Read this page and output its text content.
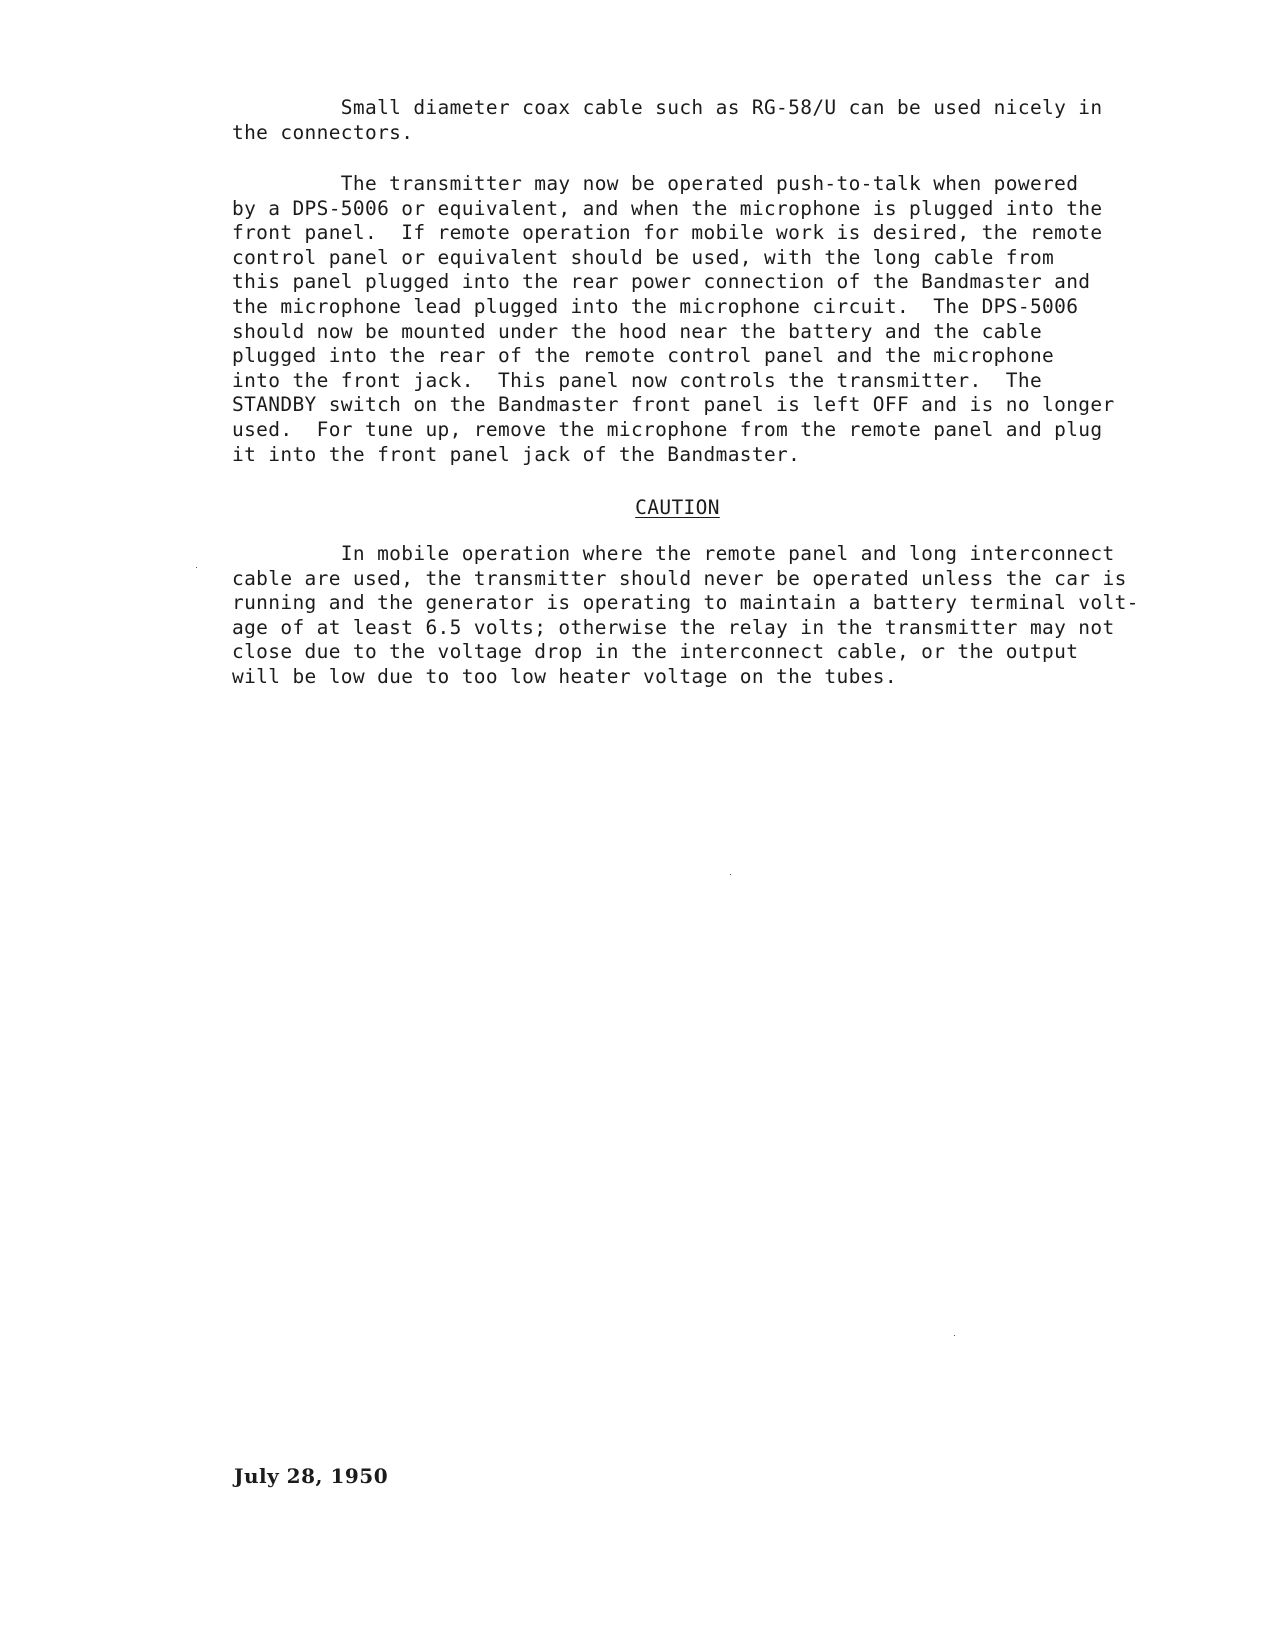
Small diameter coax cable such as RG-58/U can be used nicely in
the connectors.
The transmitter may now be operated push-to-talk when powered
by a DPS-5006 or equivalent, and when the microphone is plugged into the
front panel.  If remote operation for mobile work is desired, the remote
control panel or equivalent should be used, with the long cable from
this panel plugged into the rear power connection of the Bandmaster and
the microphone lead plugged into the microphone circuit.  The DPS-5006
should now be mounted under the hood near the battery and the cable
plugged into the rear of the remote control panel and the microphone
into the front jack.  This panel now controls the transmitter.  The
STANDBY switch on the Bandmaster front panel is left OFF and is no longer
used.  For tune up, remove the microphone from the remote panel and plug
it into the front panel jack of the Bandmaster.
CAUTION
In mobile operation where the remote panel and long interconnect
cable are used, the transmitter should never be operated unless the car is
running and the generator is operating to maintain a battery terminal volt-
age of at least 6.5 volts; otherwise the relay in the transmitter may not
close due to the voltage drop in the interconnect cable, or the output
will be low due to too low heater voltage on the tubes.
July 28, 1950
